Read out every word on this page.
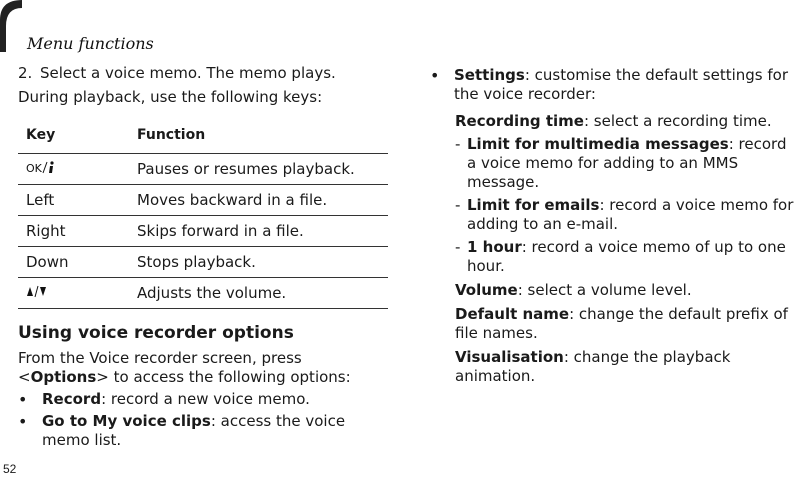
Menu functions
2. Select a voice memo. The memo plays.

During playback, use the following keys:

Key	Function

OK	Pauses or resumes playback.
Left	Moves backward in a file.
Right	Skips forward in a file.
Down	Stops playback.
	Adjusts the volume.
Using voice recorder options

From the Voice recorder screen, press <Options> to access the following options:

• Record: record a new voice memo.

• Go to My voice clips: access the voice memo list.

• Settings: customise the default settings for the voice recorder:

Recording time: select a recording time.

- Limit for multimedia messages: record a voice memo for adding to an MMS message.

- Limit for emails: record a voice memo for adding to an e-mail.

- 1 hour: record a voice memo of up to one hour.

Volume: select a volume level.

Default name: change the default prefix of file names.

Visualisation: change the playback animation.

52
